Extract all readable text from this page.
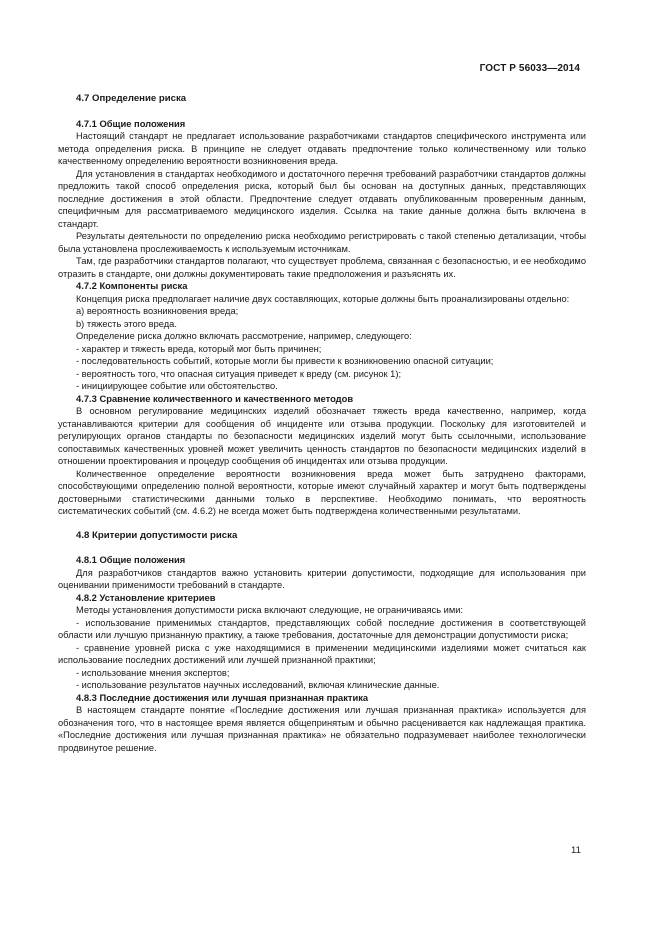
ГОСТ Р 56033—2014
4.7 Определение риска
4.7.1 Общие положения

Настоящий стандарт не предлагает использование разработчиками стандартов специфического инструмента или метода определения риска. В принципе не следует отдавать предпочтение только количественному или только качественному определению вероятности возникновения вреда.

Для установления в стандартах необходимого и достаточного перечня требований разработчики стандартов должны предложить такой способ определения риска, который был бы основан на доступных данных, представляющих последние достижения в этой области. Предпочтение следует отдавать опубликованным проверенным данным, специфичным для рассматриваемого медицинского изделия. Ссылка на такие данные должна быть включена в стандарт.

Результаты деятельности по определению риска необходимо регистрировать с такой степенью детализации, чтобы была установлена прослеживаемость к используемым источникам.

Там, где разработчики стандартов полагают, что существует проблема, связанная с безопасностью, и ее необходимо отразить в стандарте, они должны документировать такие предположения и разъяснять их.

4.7.2 Компоненты риска

Концепция риска предполагает наличие двух составляющих, которые должны быть проанализированы отдельно:

a) вероятность возникновения вреда;

b) тяжесть этого вреда.

Определение риска должно включать рассмотрение, например, следующего:

- характер и тяжесть вреда, который мог быть причинен;

- последовательность событий, которые могли бы привести к возникновению опасной ситуации;

- вероятность того, что опасная ситуация приведет к вреду (см. рисунок 1);

- инициирующее событие или обстоятельство.

4.7.3 Сравнение количественного и качественного методов

В основном регулирование медицинских изделий обозначает тяжесть вреда качественно, например, когда устанавливаются критерии для сообщения об инциденте или отзыва продукции. Поскольку для изготовителей и регулирующих органов стандарты по безопасности медицинских изделий могут быть ссылочными, использование сопоставимых качественных уровней может увеличить ценность стандартов по безопасности медицинских изделий в отношении проектирования и процедур сообщения об инцидентах или отзыва продукции.

Количественное определение вероятности возникновения вреда может быть затруднено факторами, способствующими определению полной вероятности, которые имеют случайный характер и могут быть подтверждены достоверными статистическими данными только в перспективе. Необходимо понимать, что вероятность систематических событий (см. 4.6.2) не всегда может быть подтверждена количественными результатами.

4.8 Критерии допустимости риска
4.8.1 Общие положения

Для разработчиков стандартов важно установить критерии допустимости, подходящие для использования при оценивании применимости требований в стандарте.

4.8.2 Установление критериев

Методы установления допустимости риска включают следующие, не ограничиваясь ими:

- использование применимых стандартов, представляющих собой последние достижения в соответствующей области или лучшую признанную практику, а также требования, достаточные для демонстрации допустимости риска;

- сравнение уровней риска с уже находящимися в применении медицинскими изделиями может считаться как использование последних достижений или лучшей признанной практики;

- использование мнения экспертов;

- использование результатов научных исследований, включая клинические данные.

4.8.3 Последние достижения или лучшая признанная практика

В настоящем стандарте понятие «Последние достижения или лучшая признанная практика» используется для обозначения того, что в настоящее время является общепринятым и обычно расценивается как надлежащая практика. «Последние достижения или лучшая признанная практика» не обязательно подразумевает наиболее технологически продвинутое решение.

11
